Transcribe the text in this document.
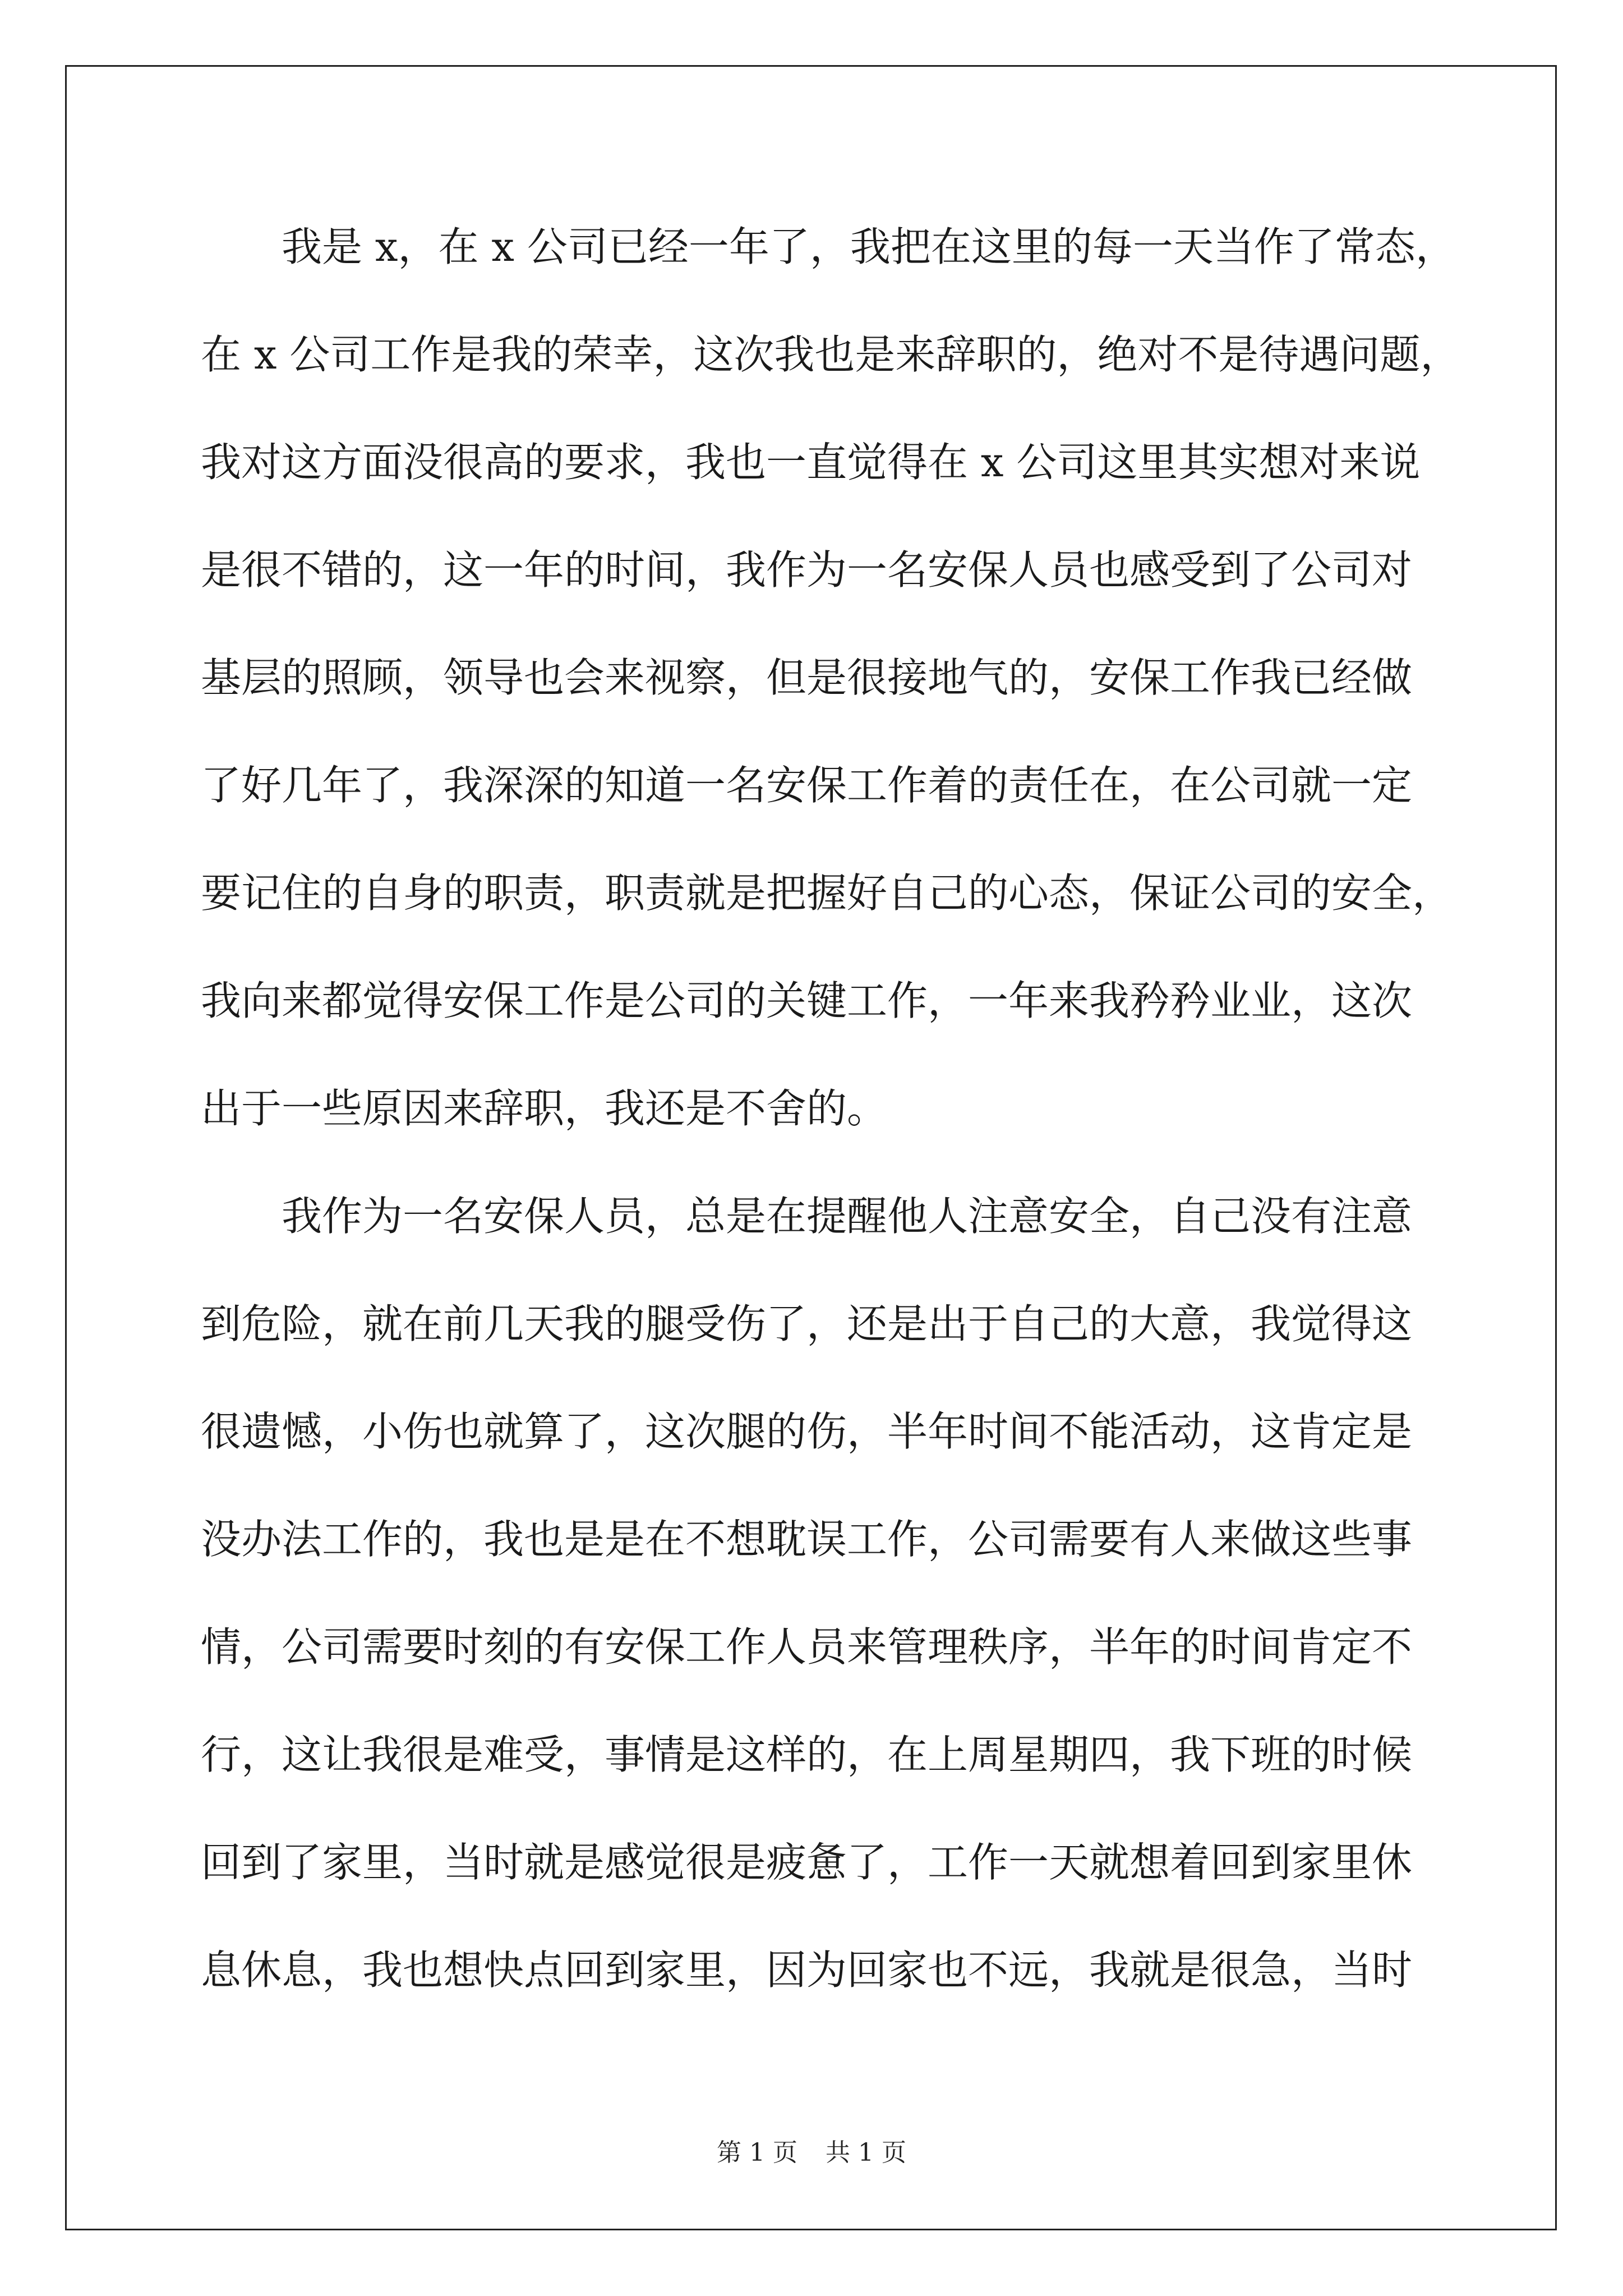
我是 x，在 x 公司已经一年了，我把在这里的每一天当作了常态，
在 x 公司工作是我的荣幸，这次我也是来辞职的，绝对不是待遇问题，
我对这方面没很高的要求，我也一直觉得在 x 公司这里其实想对来说
是很不错的，这一年的时间，我作为一名安保人员也感受到了公司对
基层的照顾，领导也会来视察，但是很接地气的，安保工作我已经做
了好几年了，我深深的知道一名安保工作着的责任在，在公司就一定
要记住的自身的职责，职责就是把握好自己的心态，保证公司的安全，
我向来都觉得安保工作是公司的关键工作，一年来我矜矜业业，这次
出于一些原因来辞职，我还是不舍的。
我作为一名安保人员，总是在提醒他人注意安全，自己没有注意
到危险，就在前几天我的腿受伤了，还是出于自己的大意，我觉得这
很遗憾，小伤也就算了，这次腿的伤，半年时间不能活动，这肯定是
没办法工作的，我也是是在不想耽误工作，公司需要有人来做这些事
情，公司需要时刻的有安保工作人员来管理秩序，半年的时间肯定不
行，这让我很是难受，事情是这样的，在上周星期四，我下班的时候
回到了家里，当时就是感觉很是疲惫了，工作一天就想着回到家里休
息休息，我也想快点回到家里，因为回家也不远，我就是很急，当时
第 1 页 共 1 页
